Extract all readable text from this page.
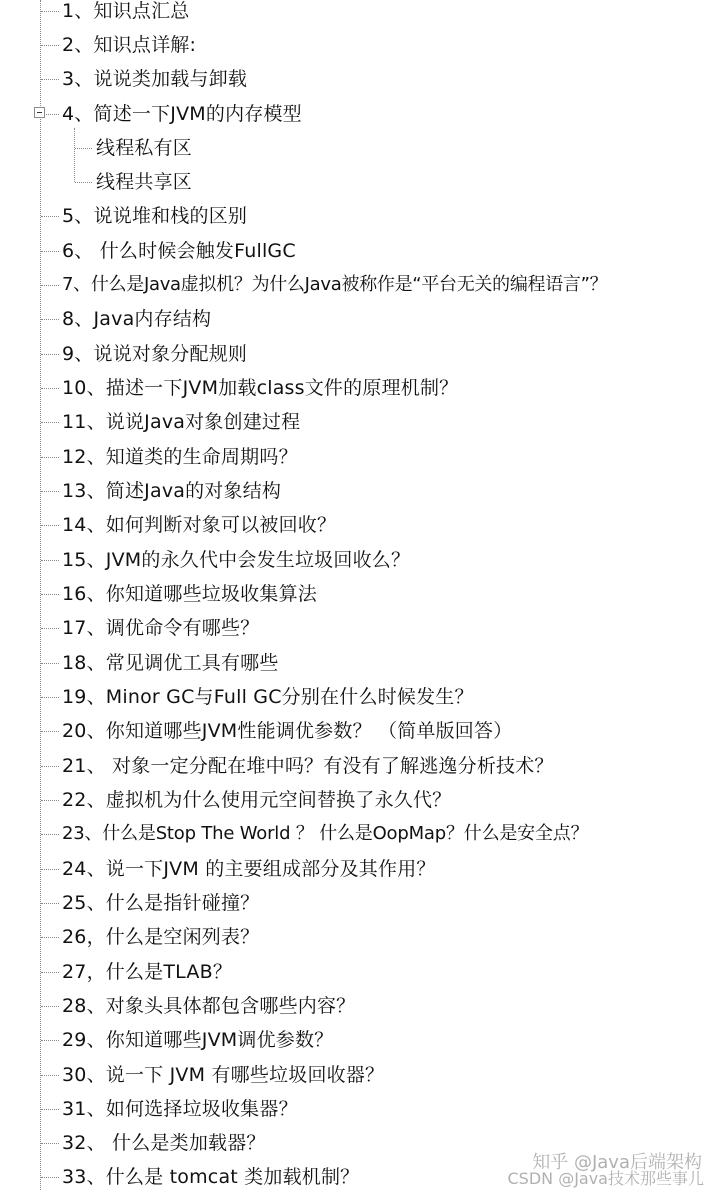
1、知识点汇总
2、知识点详解:
3、说说类加载与卸载
4、简述一下JVM的内存模型
线程私有区
线程共享区
5、说说堆和栈的区别
6、 什么时候会触发FullGC
7、什么是Java虚拟机？为什么Java被称作是“平台无关的编程语言”？
8、Java内存结构
9、说说对象分配规则
10、描述一下JVM加载class文件的原理机制？
11、说说Java对象创建过程
12、知道类的生命周期吗？
13、简述Java的对象结构
14、如何判断对象可以被回收？
15、JVM的永久代中会发生垃圾回收么？
16、你知道哪些垃圾收集算法
17、调优命令有哪些？
18、常见调优工具有哪些
19、Minor GC与Full GC分别在什么时候发生？
20、你知道哪些JVM性能调优参数？ （简单版回答）
21、 对象一定分配在堆中吗？有没有了解逃逸分析技术？
22、虚拟机为什么使用元空间替换了永久代？
23、什么是Stop The World ？ 什么是OopMap？什么是安全点？
24、说一下JVM 的主要组成部分及其作用？
25、什么是指针碰撞？
26，什么是空闲列表？
27，什么是TLAB？
28、对象头具体都包含哪些内容？
29、你知道哪些JVM调优参数？
30、说一下 JVM 有哪些垃圾回收器？
31、如何选择垃圾收集器？
32、 什么是类加载器？
33、什么是 tomcat 类加载机制？
知乎 @Java后端架构
CSDN @Java技术那些事儿
